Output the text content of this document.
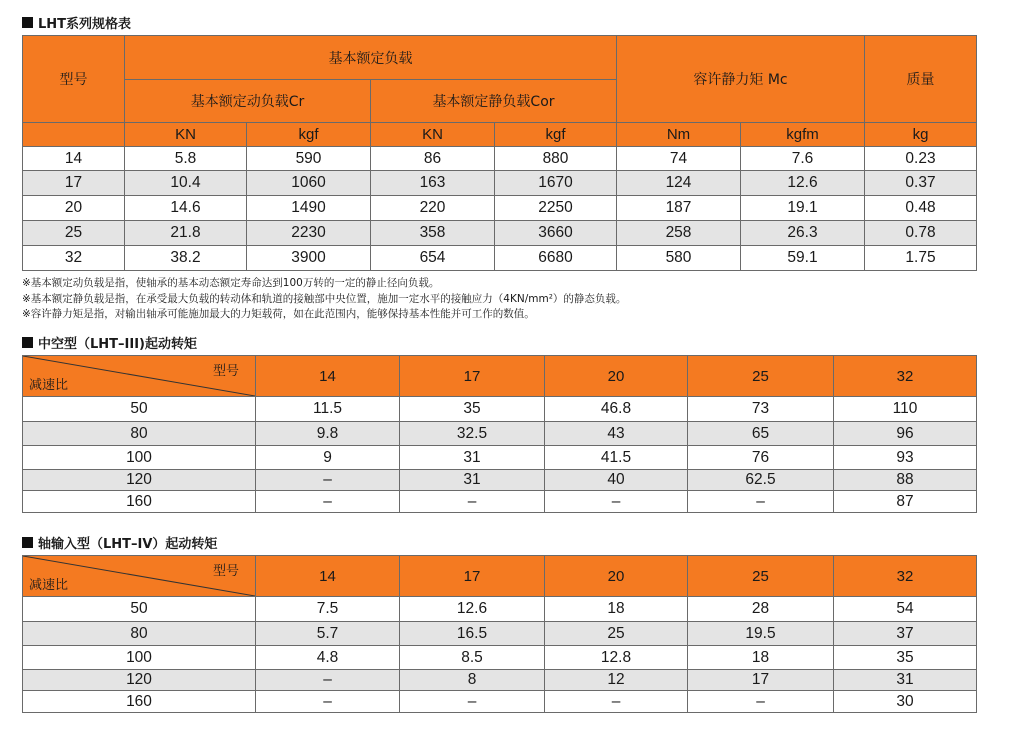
LHT系列规格表
型号	基本额定负载				容许静力矩 Mc		质量
	基本额定动负载Cr		基本额定静负载Cor				
	KN	kgf	KN	kgf	Nm	kgfm	kg
14	5.8	590	86	880	74	7.6	0.23
17	10.4	1060	163	1670	124	12.6	0.37
20	14.6	1490	220	2250	187	19.1	0.48
25	21.8	2230	358	3660	258	26.3	0.78
32	38.2	3900	654	6680	580	59.1	1.75
※基本额定动负载是指，使轴承的基本动态额定寿命达到100万转的一定的静止径向负载。
※基本额定静负载是指，在承受最大负载的转动体和轨道的接触部中央位置，施加一定水平的接触应力（4KN/mm²）的静态负载。
※容许静力矩是指，对输出轴承可能施加最大的力矩载荷，如在此范围内，能够保持基本性能并可工作的数值。
中空型（LHT–III)起动转矩
型号
减速比	14	17	20	25	32
50	11.5	35	46.8	73	110
80	9.8	32.5	43	65	96
100	9	31	41.5	76	93
120	–	31	40	62.5	88
160	–	–	–	–	87
轴输入型（LHT–IV）起动转矩
型号
减速比	14	17	20	25	32
50	7.5	12.6	18	28	54
80	5.7	16.5	25	19.5	37
100	4.8	8.5	12.8	18	35
120	–	8	12	17	31
160	–	–	–	–	30
